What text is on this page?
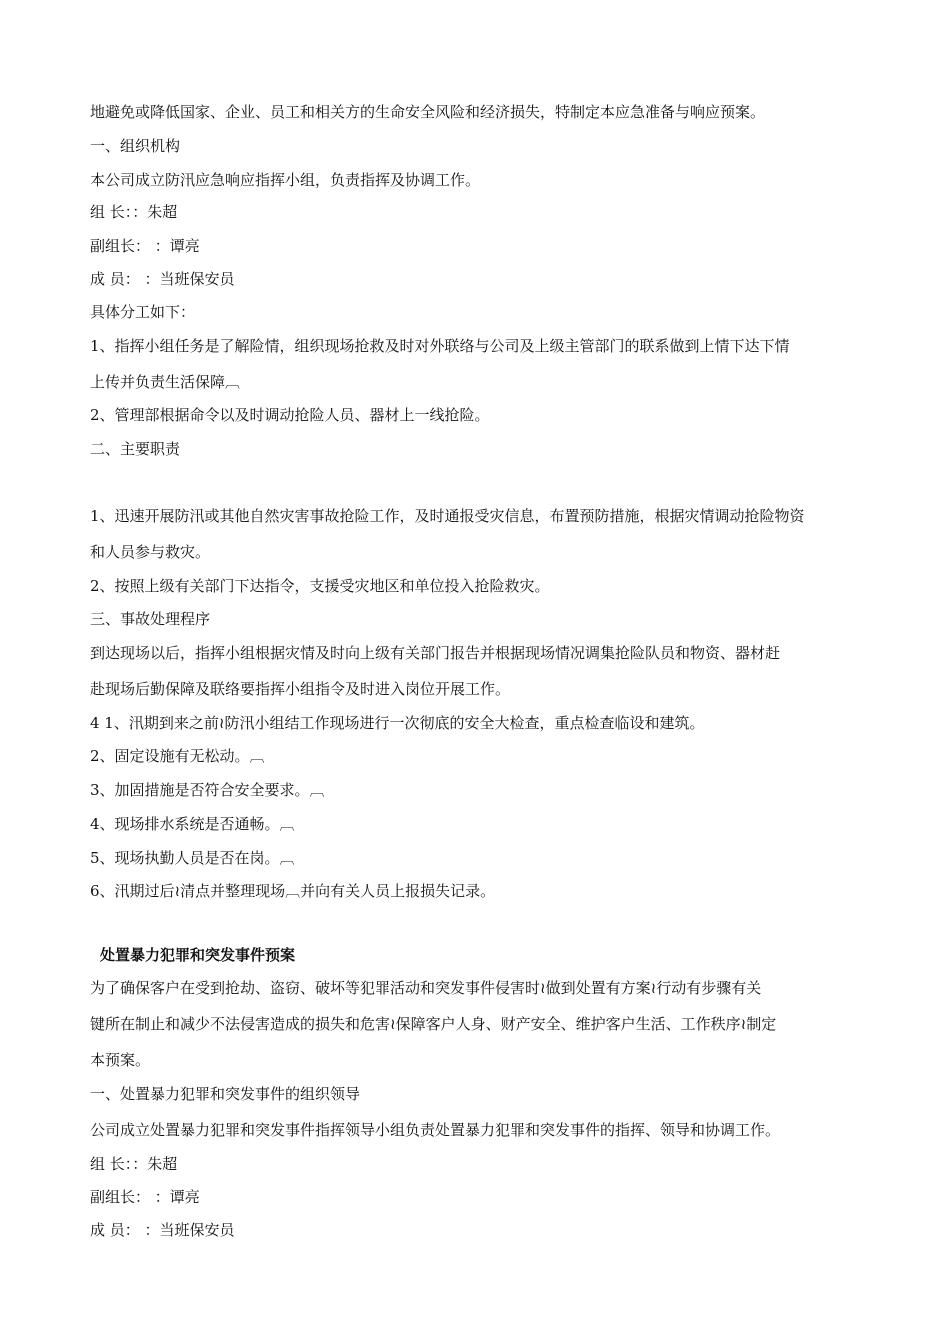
地避免或降低国家、企业、员工和相关方的生命安全风险和经济损失，特制定本应急准备与响应预案。
一、组织机构
本公司成立防汛应急响应指挥小组，负责指挥及协调工作。
组 长：：朱超
副组长： ：谭亮
成 员： ：当班保安员
具体分工如下：
1、指挥小组任务是了解险情，组织现场抢救及时对外联络与公司及上级主管部门的联系做到上情下达下情
上传并负责生活保障︹
2、管理部根据命令以及时调动抢险人员、器材上一线抢险。
二、主要职责
1、迅速开展防汛或其他自然灾害事故抢险工作，及时通报受灾信息，布置预防措施，根据灾情调动抢险物资
和人员参与救灾。
2、按照上级有关部门下达指令，支援受灾地区和单位投入抢险救灾。
三、事故处理程序
到达现场以后，指挥小组根据灾情及时向上级有关部门报告并根据现场情况调集抢险队员和物资、器材赶
赴现场后勤保障及联络要指挥小组指令及时进入岗位开展工作。
4 1、汛期到来之前≀防汛小组结工作现场进行一次彻底的安全大检查，重点检查临设和建筑。
2、固定设施有无松动。︹
3、加固措施是否符合安全要求。︹
4、现场排水系统是否通畅。︹
5、现场执勤人员是否在岗。︹
6、汛期过后≀清点并整理现场︹并向有关人员上报损失记录。
处置暴力犯罪和突发事件预案
为了确保客户在受到抢劫、盗窃、破坏等犯罪活动和突发事件侵害时≀做到处置有方案≀行动有步骤有关
键所在制止和减少不法侵害造成的损失和危害≀保障客户人身、财产安全、维护客户生活、工作秩序≀制定
本预案。
一、处置暴力犯罪和突发事件的组织领导
公司成立处置暴力犯罪和突发事件指挥领导小组负责处置暴力犯罪和突发事件的指挥、领导和协调工作。
组 长：：朱超
副组长： ：谭亮
成 员： ：当班保安员
